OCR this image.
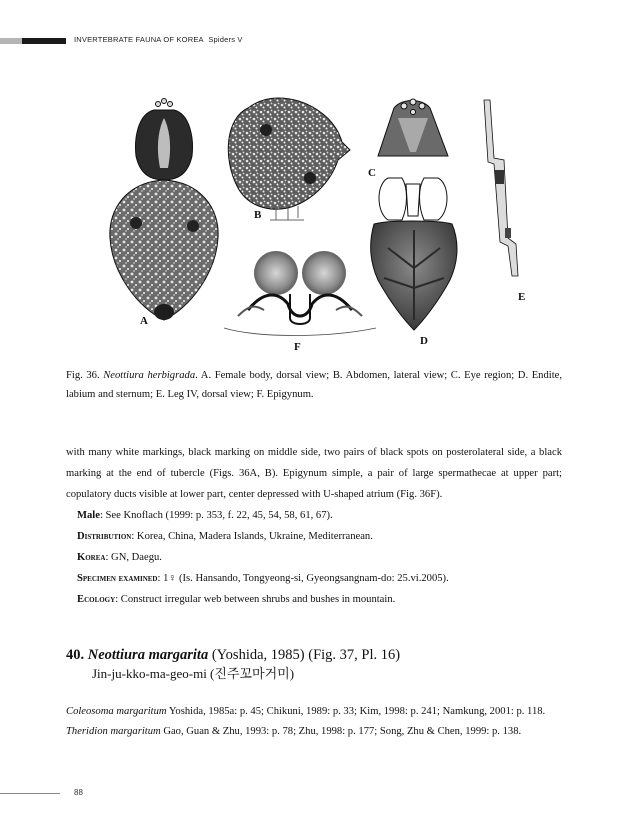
INVERTEBRATE FAUNA OF KOREA Spiders V
A
B
C
D
E
F
Fig. 36. Neottiura herbigrada. A. Female body, dorsal view; B. Abdomen, lateral view; C. Eye region; D. Endite, labium and sternum; E. Leg IV, dorsal view; F. Epigynum.

with many white markings, black marking on middle side, two pairs of black spots on posterolateral side, a black marking at the end of tubercle (Figs. 36A, B). Epigynum simple, a pair of large spermathecae at upper part; copulatory ducts visible at lower part, center depressed with U-shaped atrium (Fig. 36F).

Male: See Knoflach (1999: p. 353, f. 22, 45, 54, 58, 61, 67).

Distribution: Korea, China, Madera Islands, Ukraine, Mediterranean.

Korea: GN, Daegu.

Specimen examined: 1♀ (Is. Hansando, Tongyeong-si, Gyeongsangnam-do: 25.vi.2005).

Ecology: Construct irregular web between shrubs and bushes in mountain.

40. Neottiura margarita (Yoshida, 1985) (Fig. 37, Pl. 16)
Jin-ju-kko-ma-geo-mi (진주꼬마거미)

Coleosoma margaritum Yoshida, 1985a: p. 45; Chikuni, 1989: p. 33; Kim, 1998: p. 241; Namkung, 2001: p. 118.

Theridion margaritum Gao, Guan & Zhu, 1993: p. 78; Zhu, 1998: p. 177; Song, Zhu & Chen, 1999: p. 138.

88
